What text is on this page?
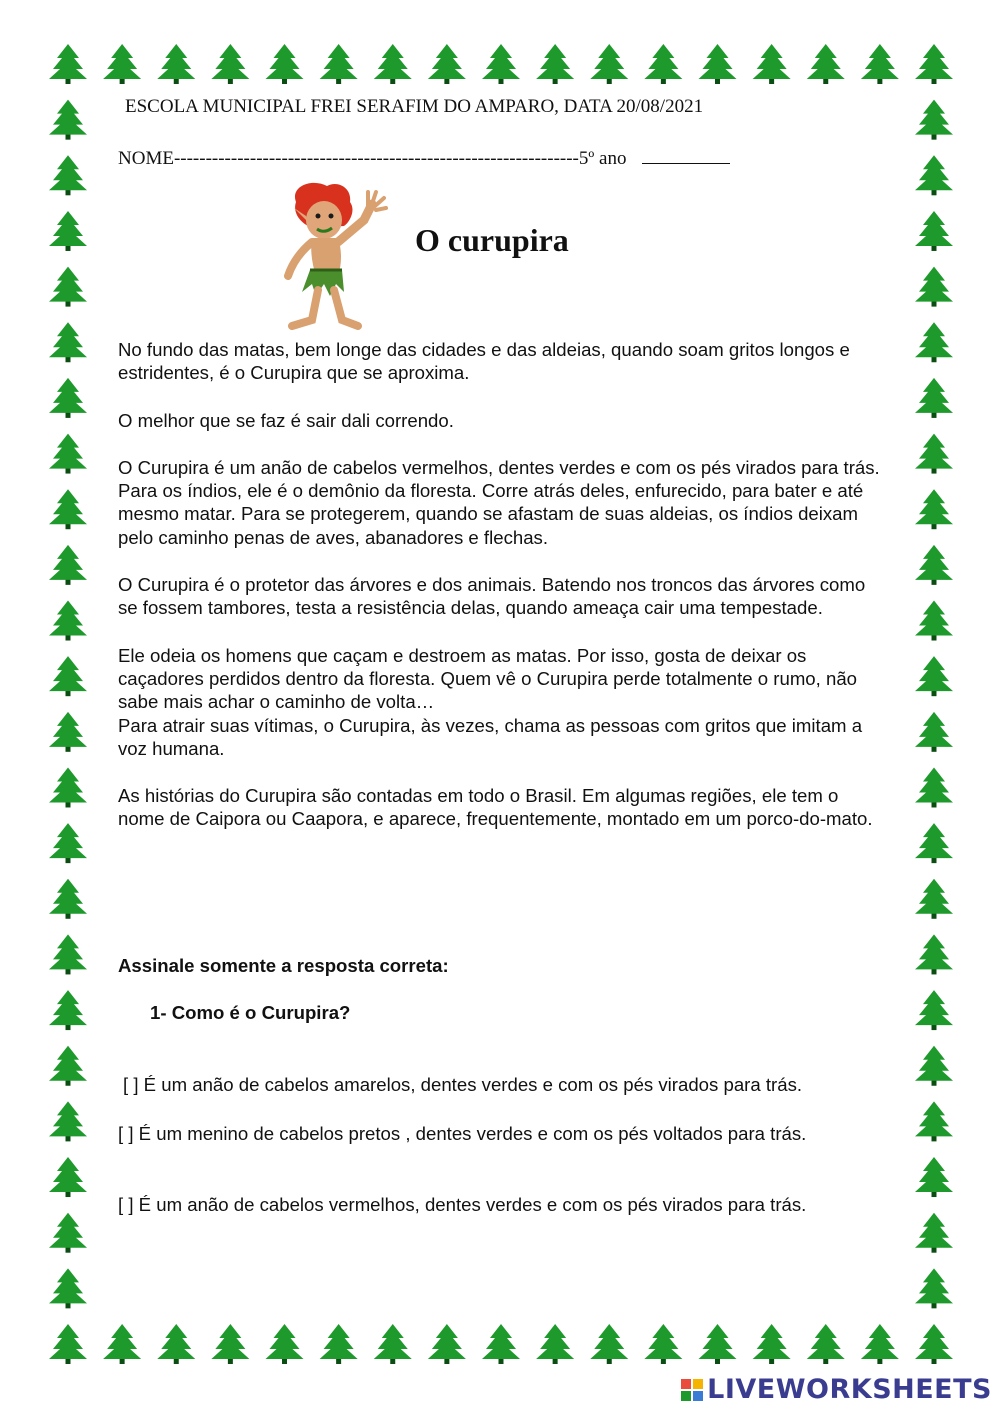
ESCOLA MUNICIPAL FREI SERAFIM DO AMPARO, DATA 20/08/2021
NOME----------------------------------------------------------------5º ano
O curupira

No fundo das matas, bem longe das cidades e das aldeias, quando soam gritos longos e estridentes, é o Curupira que se aproxima.

O melhor que se faz é sair dali correndo.

O Curupira é um anão de cabelos vermelhos, dentes verdes e com os pés virados para trás. Para os índios, ele é o demônio da floresta. Corre atrás deles, enfurecido, para bater e até mesmo matar. Para se protegerem, quando se afastam de suas aldeias, os índios deixam pelo caminho penas de aves, abanadores e flechas.

O Curupira é o protetor das árvores e dos animais. Batendo nos troncos das árvores como se fossem tambores, testa a resistência delas, quando ameaça cair uma tempestade.

Ele odeia os homens que caçam e destroem as matas. Por isso, gosta de deixar os caçadores perdidos dentro da floresta. Quem vê o Curupira perde totalmente o rumo, não sabe mais achar o caminho de volta…

Para atrair suas vítimas, o Curupira, às vezes, chama as pessoas com gritos que imitam a voz humana.

As histórias do Curupira são contadas em todo o Brasil. Em algumas regiões, ele tem o nome de Caipora ou Caapora, e aparece, frequentemente, montado em um porco-do-mato.

Assinale somente a resposta correta:
1- Como é o Curupira?
[ ] É um anão de cabelos amarelos, dentes verdes e com os pés virados para trás.
[ ] É um menino de cabelos pretos , dentes verdes e com os pés voltados para trás.
[ ] É um anão de cabelos vermelhos, dentes verdes e com os pés virados para trás.
LIVEWORKSHEETS
